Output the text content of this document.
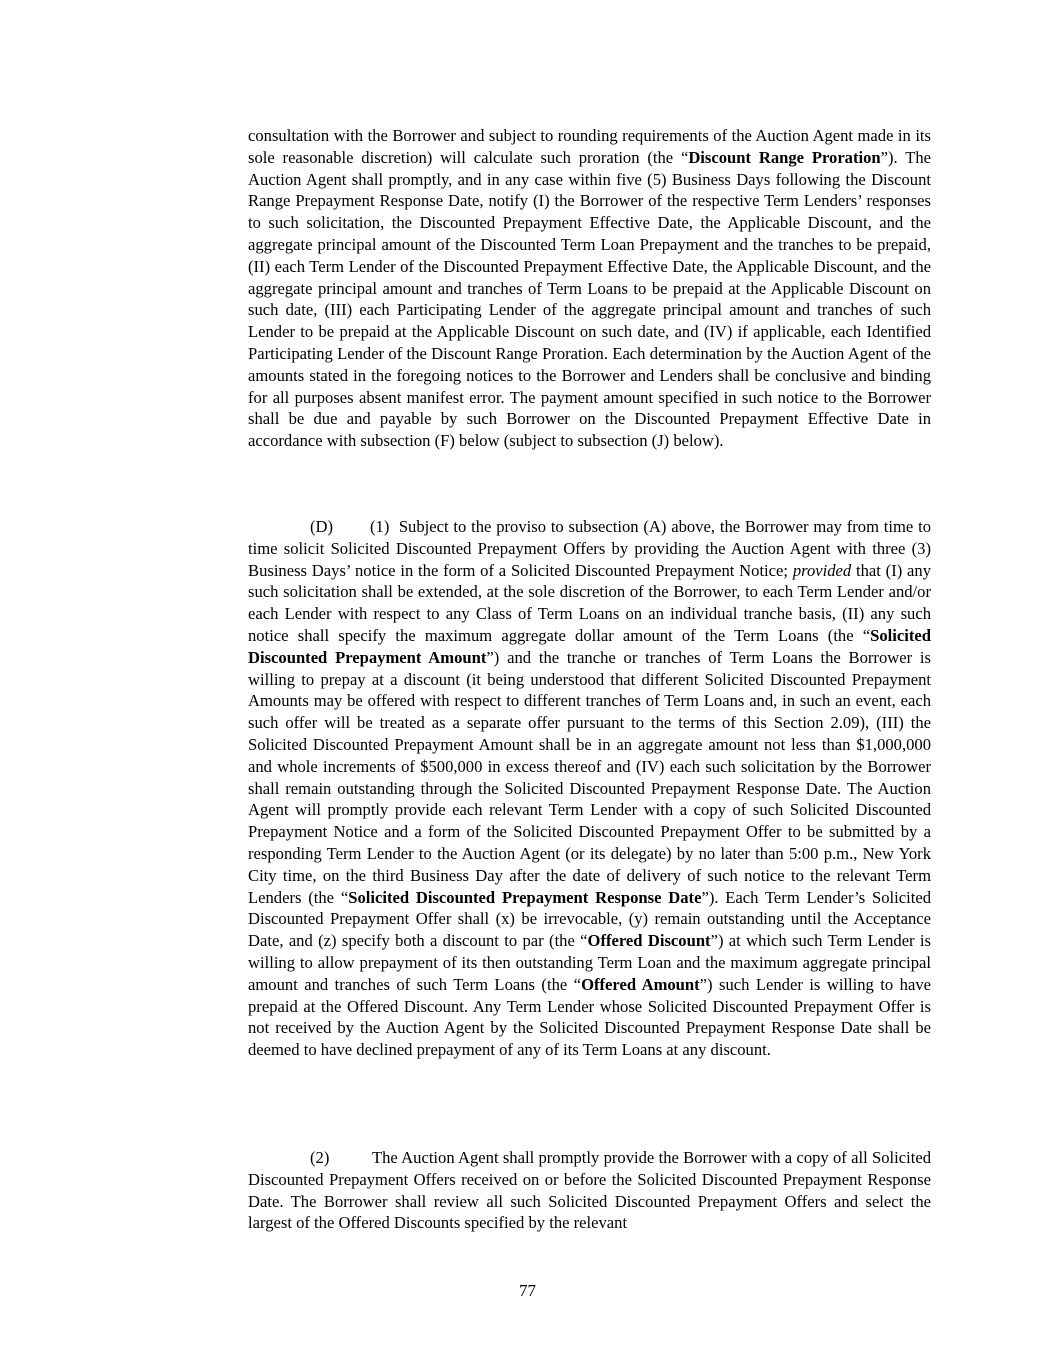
consultation with the Borrower and subject to rounding requirements of the Auction Agent made in its sole reasonable discretion) will calculate such proration (the “Discount Range Proration”). The Auction Agent shall promptly, and in any case within five (5) Business Days following the Discount Range Prepayment Response Date, notify (I) the Borrower of the respective Term Lenders’ responses to such solicitation, the Discounted Prepayment Effective Date, the Applicable Discount, and the aggregate principal amount of the Discounted Term Loan Prepayment and the tranches to be prepaid, (II) each Term Lender of the Discounted Prepayment Effective Date, the Applicable Discount, and the aggregate principal amount and tranches of Term Loans to be prepaid at the Applicable Discount on such date, (III) each Participating Lender of the aggregate principal amount and tranches of such Lender to be prepaid at the Applicable Discount on such date, and (IV) if applicable, each Identified Participating Lender of the Discount Range Proration. Each determination by the Auction Agent of the amounts stated in the foregoing notices to the Borrower and Lenders shall be conclusive and binding for all purposes absent manifest error. The payment amount specified in such notice to the Borrower shall be due and payable by such Borrower on the Discounted Prepayment Effective Date in accordance with subsection (F) below (subject to subsection (J) below).

(D) (1) Subject to the proviso to subsection (A) above, the Borrower may from time to time solicit Solicited Discounted Prepayment Offers by providing the Auction Agent with three (3) Business Days’ notice in the form of a Solicited Discounted Prepayment Notice; provided that (I) any such solicitation shall be extended, at the sole discretion of the Borrower, to each Term Lender and/or each Lender with respect to any Class of Term Loans on an individual tranche basis, (II) any such notice shall specify the maximum aggregate dollar amount of the Term Loans (the “Solicited Discounted Prepayment Amount”) and the tranche or tranches of Term Loans the Borrower is willing to prepay at a discount (it being understood that different Solicited Discounted Prepayment Amounts may be offered with respect to different tranches of Term Loans and, in such an event, each such offer will be treated as a separate offer pursuant to the terms of this Section 2.09), (III) the Solicited Discounted Prepayment Amount shall be in an aggregate amount not less than $1,000,000 and whole increments of $500,000 in excess thereof and (IV) each such solicitation by the Borrower shall remain outstanding through the Solicited Discounted Prepayment Response Date. The Auction Agent will promptly provide each relevant Term Lender with a copy of such Solicited Discounted Prepayment Notice and a form of the Solicited Discounted Prepayment Offer to be submitted by a responding Term Lender to the Auction Agent (or its delegate) by no later than 5:00 p.m., New York City time, on the third Business Day after the date of delivery of such notice to the relevant Term Lenders (the “Solicited Discounted Prepayment Response Date”). Each Term Lender’s Solicited Discounted Prepayment Offer shall (x) be irrevocable, (y) remain outstanding until the Acceptance Date, and (z) specify both a discount to par (the “Offered Discount”) at which such Term Lender is willing to allow prepayment of its then outstanding Term Loan and the maximum aggregate principal amount and tranches of such Term Loans (the “Offered Amount”) such Lender is willing to have prepaid at the Offered Discount. Any Term Lender whose Solicited Discounted Prepayment Offer is not received by the Auction Agent by the Solicited Discounted Prepayment Response Date shall be deemed to have declined prepayment of any of its Term Loans at any discount.

(2)	The Auction Agent shall promptly provide the Borrower with a copy of all Solicited Discounted Prepayment Offers received on or before the Solicited Discounted Prepayment Response Date. The Borrower shall review all such Solicited Discounted Prepayment Offers and select the largest of the Offered Discounts specified by the relevant

77
